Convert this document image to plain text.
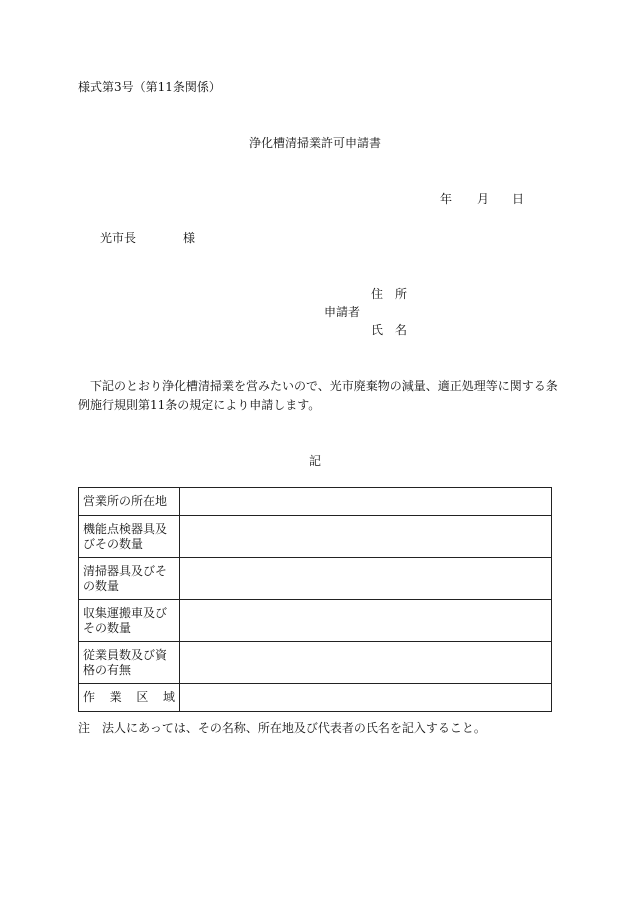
様式第3号（第11条関係）
浄化槽清掃業許可申請書
年 月 日
光市長	様
住　所
申請者
氏　名
下記のとおり浄化槽清掃業を営みたいので、光市廃棄物の減量、適正処理等に関する条例施行規則第11条の規定により申請します。
記
営業所の所在地	
機能点検器具及びその数量	
清掃器具及びその数量	
収集運搬車及びその数量	
従業員数及び資格の有無	
作業区域	
注　法人にあっては、その名称、所在地及び代表者の氏名を記入すること。
